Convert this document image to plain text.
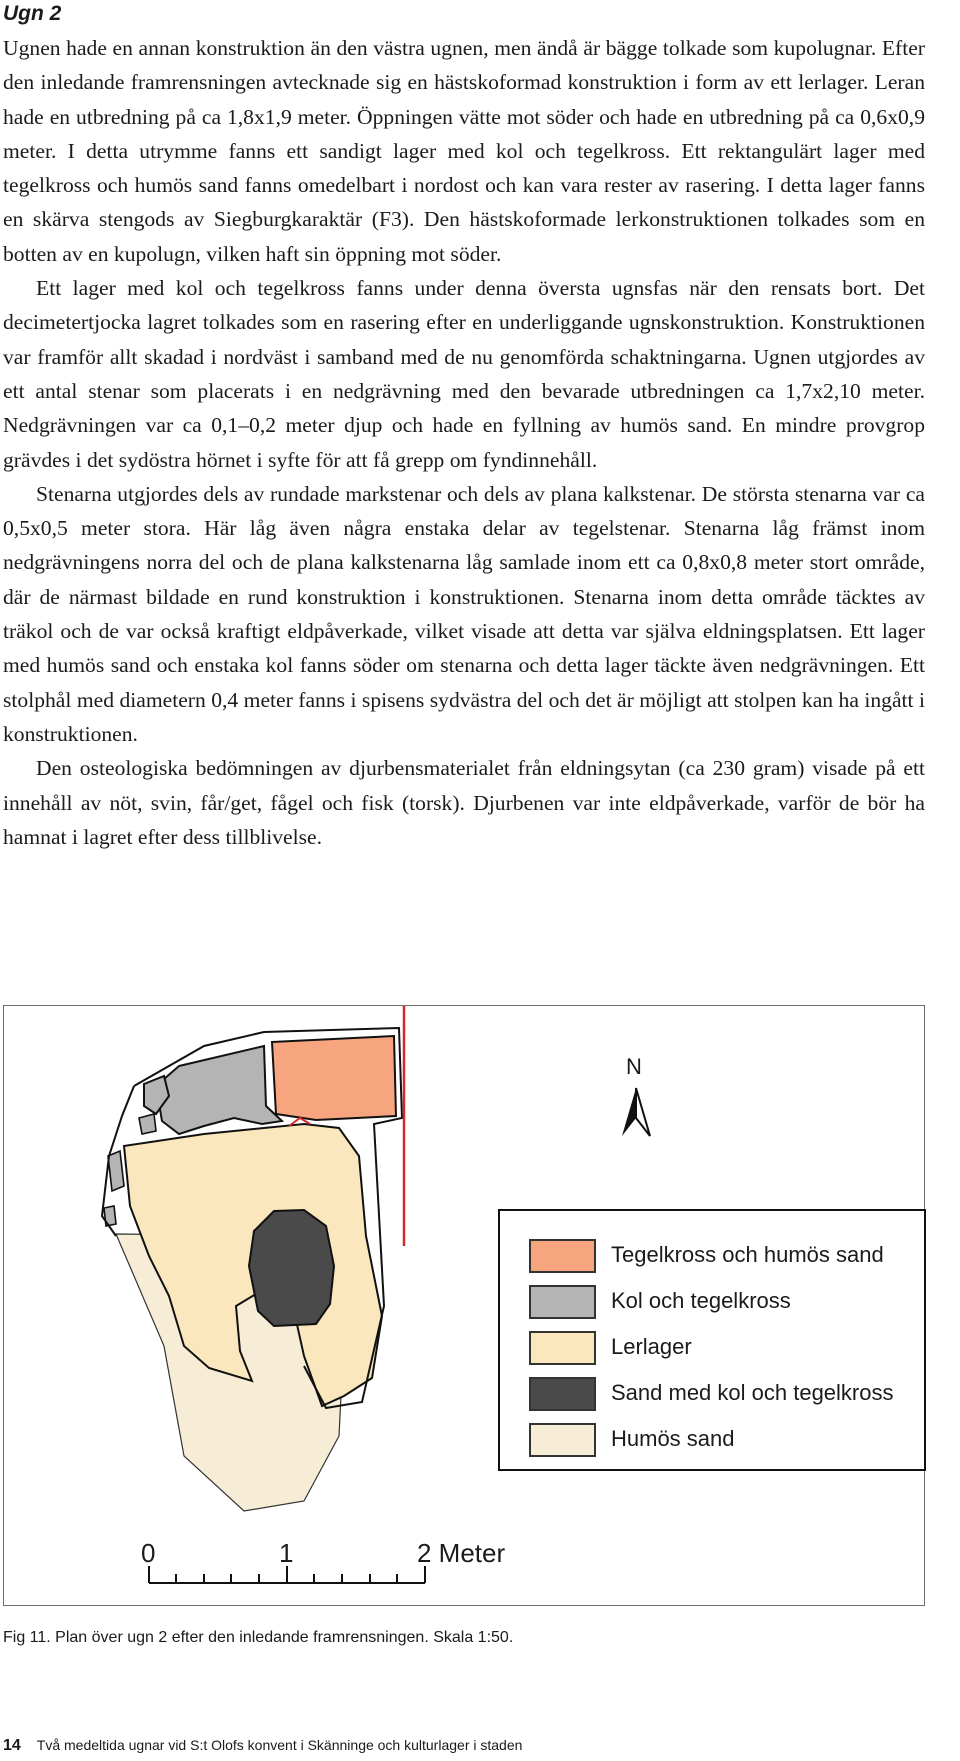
Ugn 2

Ugnen hade en annan konstruktion än den västra ugnen, men ändå är bägge tolkade som kupolugnar. Efter den inledande framrensningen avtecknade sig en hästskoformad konstruktion i form av ett lerlager. Leran hade en utbredning på ca 1,8x1,9 meter. Öppningen vätte mot söder och hade en utbredning på ca 0,6x0,9 meter. I detta utrymme fanns ett sandigt lager med kol och tegelkross. Ett rektangulärt lager med tegelkross och humös sand fanns omedelbart i nordost och kan vara rester av rasering. I detta lager fanns en skärva stengods av Siegburgkaraktär (F3). Den hästskoformade lerkonstruktionen tolkades som en botten av en kupolugn, vilken haft sin öppning mot söder.

Ett lager med kol och tegelkross fanns under denna översta ugnsfas när den rensats bort. Det decimetertjocka lagret tolkades som en rasering efter en underliggande ugnskonstruktion. Konstruktionen var framför allt skadad i nordväst i samband med de nu genomförda schaktningarna. Ugnen utgjordes av ett antal stenar som placerats i en nedgrävning med den bevarade utbredningen ca 1,7x2,10 meter. Nedgrävningen var ca 0,1–0,2 meter djup och hade en fyllning av humös sand. En mindre provgrop grävdes i det sydöstra hörnet i syfte för att få grepp om fyndinnehåll.

Stenarna utgjordes dels av rundade markstenar och dels av plana kalkstenar. De största stenarna var ca 0,5x0,5 meter stora. Här låg även några enstaka delar av tegelstenar. Stenarna låg främst inom nedgrävningens norra del och de plana kalkstenarna låg samlade inom ett ca 0,8x0,8 meter stort område, där de närmast bildade en rund konstruktion i konstruktionen. Stenarna inom detta område täcktes av träkol och de var också kraftigt eldpåverkade, vilket visade att detta var själva eldningsplatsen. Ett lager med humös sand och enstaka kol fanns söder om stenarna och detta lager täckte även nedgrävningen. Ett stolphål med diametern 0,4 meter fanns i spisens sydvästra del och det är möjligt att stolpen kan ha ingått i konstruktionen.

Den osteologiska bedömningen av djurbensmaterialet från eldningsytan (ca 230 gram) visade på ett innehåll av nöt, svin, får/get, fågel och fisk (torsk). Djurbenen var inte eldpåverkade, varför de bör ha hamnat i lagret efter dess tillblivelse.

N
Tegelkross och humös sand
Kol och tegelkross
Lerlager
Sand med kol och tegelkross
Humös sand
0	1	2 Meter
Fig 11. Plan över ugn 2 efter den inledande framrensningen. Skala 1:50.
14 Två medeltida ugnar vid S:t Olofs konvent i Skänninge och kulturlager i staden
